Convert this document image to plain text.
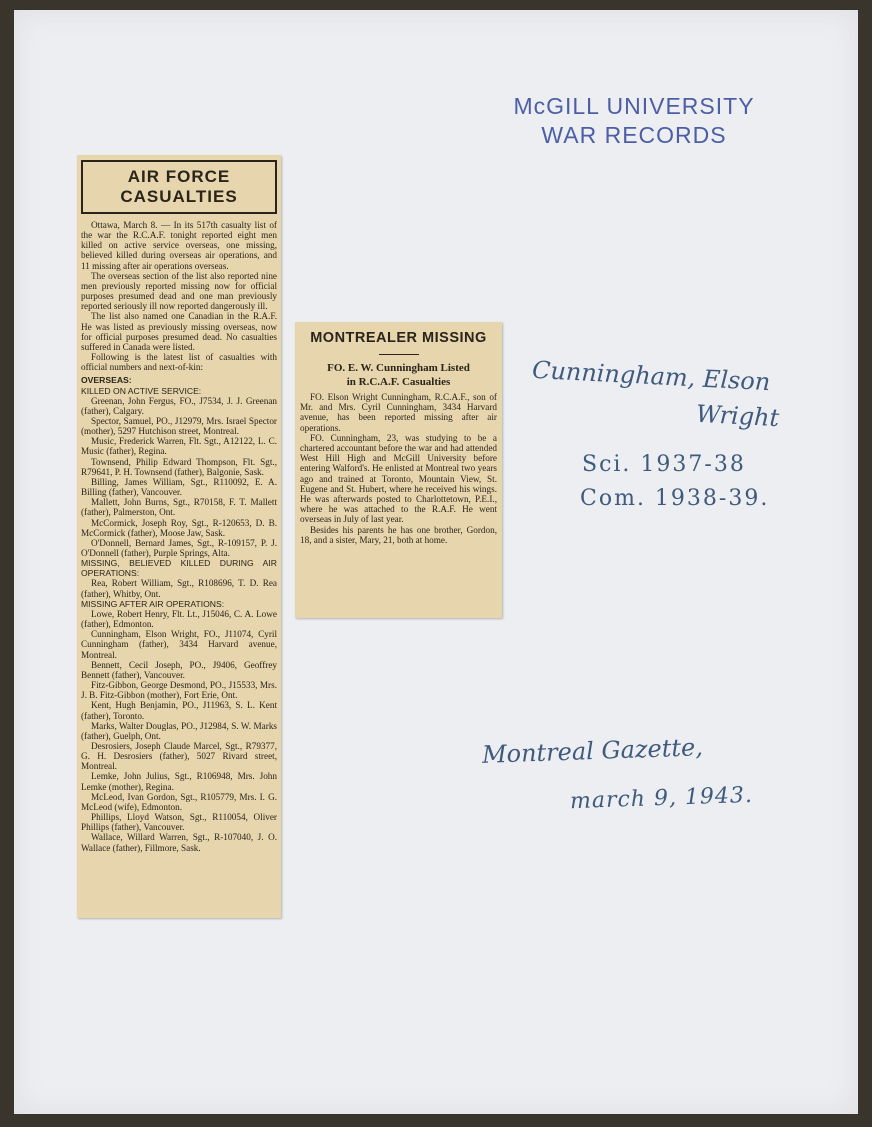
McGILL UNIVERSITY
WAR RECORDS
AIR FORCE
CASUALTIES

Ottawa, March 8. — In its 517th casualty list of the war the R.C.A.F. tonight reported eight men killed on active service overseas, one missing, believed killed during overseas air operations, and 11 missing after air operations overseas.

The overseas section of the list also reported nine men previously reported missing now for official purposes presumed dead and one man previously reported seriously ill now reported dangerously ill.

The list also named one Canadian in the R.A.F. He was listed as previously missing overseas, now for official purposes presumed dead. No casualties suffered in Canada were listed.

Following is the latest list of casualties with official numbers and next-of-kin:

OVERSEAS:

KILLED ON ACTIVE SERVICE:

Greenan, John Fergus, FO., J7534, J. J. Greenan (father), Calgary.

Spector, Samuel, PO., J12979, Mrs. Israel Spector (mother), 5297 Hutchison street, Montreal.

Music, Frederick Warren, Flt. Sgt., A12122, L. C. Music (father), Regina.

Townsend, Philip Edward Thompson, Flt. Sgt., R79641, P. H. Townsend (father), Balgonie, Sask.

Billing, James William, Sgt., R110092, E. A. Billing (father), Vancouver.

Mallett, John Burns, Sgt., R70158, F. T. Mallett (father), Palmerston, Ont.

McCormick, Joseph Roy, Sgt., R-120653, D. B. McCormick (father), Moose Jaw, Sask.

O'Donnell, Bernard James, Sgt., R-109157, P. J. O'Donnell (father), Purple Springs, Alta.

MISSING, BELIEVED KILLED DURING AIR OPERATIONS:

Rea, Robert William, Sgt., R108696, T. D. Rea (father), Whitby, Ont.

MISSING AFTER AIR OPERATIONS:

Lowe, Robert Henry, Flt. Lt., J15046, C. A. Lowe (father), Edmonton.

Cunningham, Elson Wright, FO., J11074, Cyril Cunningham (father), 3434 Harvard avenue, Montreal.

Bennett, Cecil Joseph, PO., J9406, Geoffrey Bennett (father), Vancouver.

Fitz-Gibbon, George Desmond, PO., J15533, Mrs. J. B. Fitz-Gibbon (mother), Fort Erie, Ont.

Kent, Hugh Benjamin, PO., J11963, S. L. Kent (father), Toronto.

Marks, Walter Douglas, PO., J12984, S. W. Marks (father), Guelph, Ont.

Desrosiers, Joseph Claude Marcel, Sgt., R79377, G. H. Desrosiers (father), 5027 Rivard street, Montreal.

Lemke, John Julius, Sgt., R106948, Mrs. John Lemke (mother), Regina.

McLeod, Ivan Gordon, Sgt., R105779, Mrs. I. G. McLeod (wife), Edmonton.

Phillips, Lloyd Watson, Sgt., R110054, Oliver Phillips (father), Vancouver.

Wallace, Willard Warren, Sgt., R-107040, J. O. Wallace (father), Fillmore, Sask.

MONTREALER MISSING
FO. E. W. Cunningham Listed
in R.C.A.F. Casualties

FO. Elson Wright Cunningham, R.C.A.F., son of Mr. and Mrs. Cyril Cunningham, 3434 Harvard avenue, has been reported missing after air operations.

FO. Cunningham, 23, was studying to be a chartered accountant before the war and had attended West Hill High and McGill University before entering Walford's. He enlisted at Montreal two years ago and trained at Toronto, Mountain View, St. Eugene and St. Hubert, where he received his wings. He was afterwards posted to Charlottetown, P.E.I., where he was attached to the R.A.F. He went overseas in July of last year.

Besides his parents he has one brother, Gordon, 18, and a sister, Mary, 21, both at home.

Cunningham, Elson
Wright
Sci. 1937-38
Com. 1938-39.
Montreal Gazette,
march 9, 1943.
